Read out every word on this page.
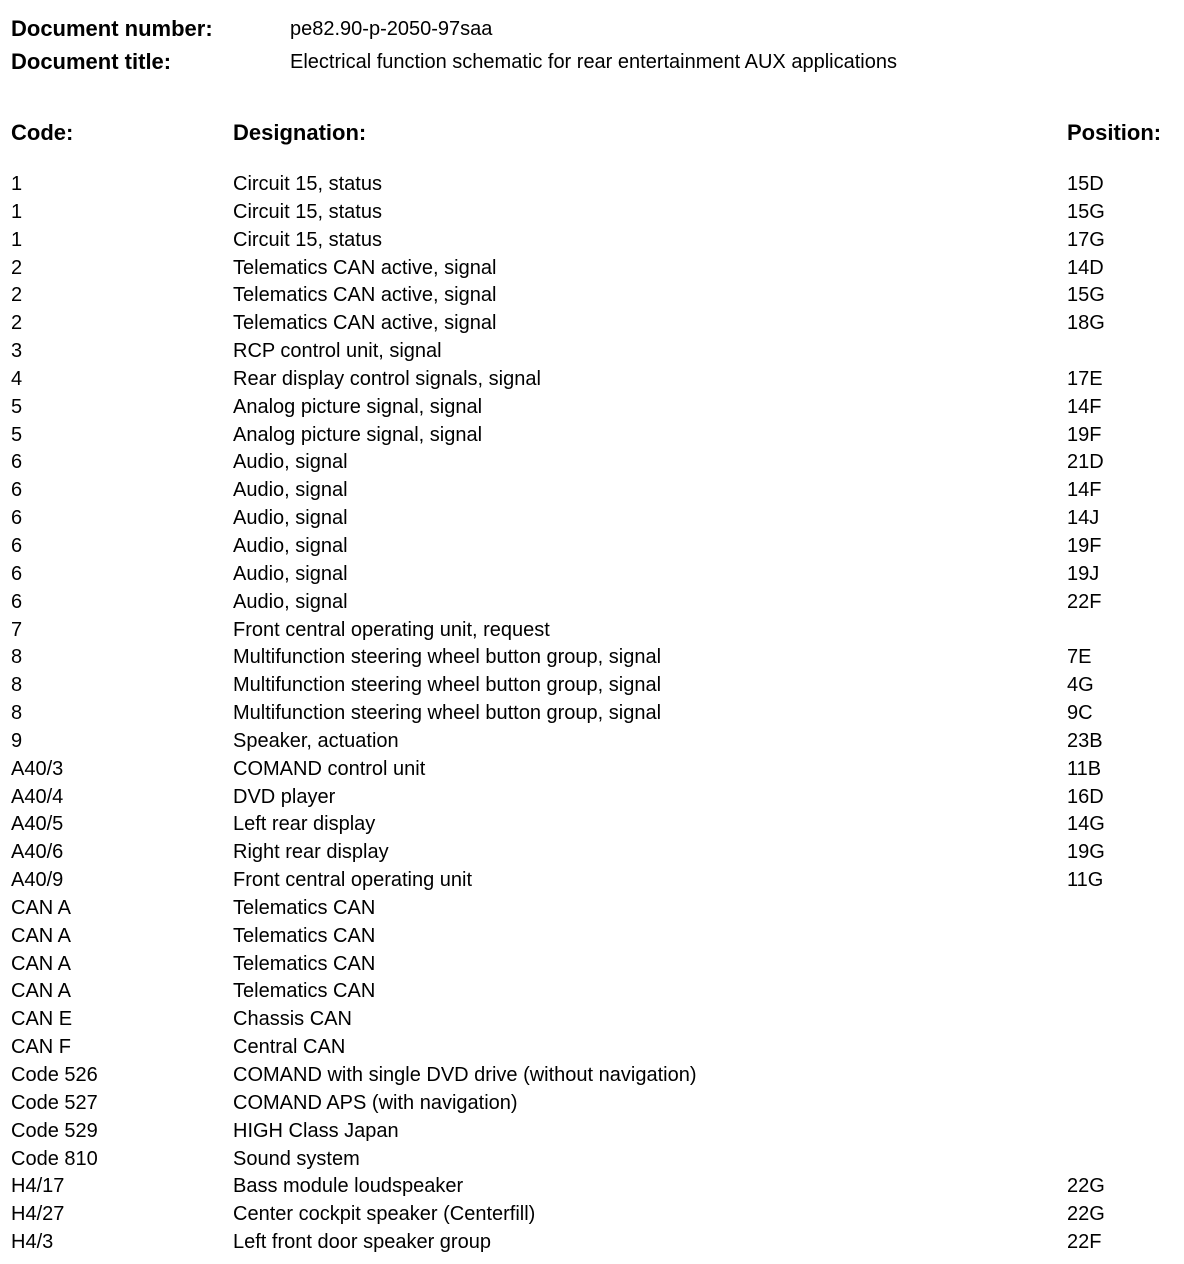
Document number:	pe82.90-p-2050-97saa
Document title:	Electrical function schematic for rear entertainment AUX applications
Code:	Designation:	Position:
1	Circuit 15, status	15D
1	Circuit 15, status	15G
1	Circuit 15, status	17G
2	Telematics CAN active, signal	14D
2	Telematics CAN active, signal	15G
2	Telematics CAN active, signal	18G
3	RCP control unit, signal
4	Rear display control signals, signal	17E
5	Analog picture signal, signal	14F
5	Analog picture signal, signal	19F
6	Audio, signal	21D
6	Audio, signal	14F
6	Audio, signal	14J
6	Audio, signal	19F
6	Audio, signal	19J
6	Audio, signal	22F
7	Front central operating unit, request
8	Multifunction steering wheel button group, signal	7E
8	Multifunction steering wheel button group, signal	4G
8	Multifunction steering wheel button group, signal	9C
9	Speaker, actuation	23B
A40/3	COMAND control unit	11B
A40/4	DVD player	16D
A40/5	Left rear display	14G
A40/6	Right rear display	19G
A40/9	Front central operating unit	11G
CAN A	Telematics CAN
CAN A	Telematics CAN
CAN A	Telematics CAN
CAN A	Telematics CAN
CAN E	Chassis CAN
CAN F	Central CAN
Code 526	COMAND with single DVD drive (without navigation)
Code 527	COMAND APS (with navigation)
Code 529	HIGH Class Japan
Code 810	Sound system
H4/17	Bass module loudspeaker	22G
H4/27	Center cockpit speaker (Centerfill)	22G
H4/3	Left front door speaker group	22F
